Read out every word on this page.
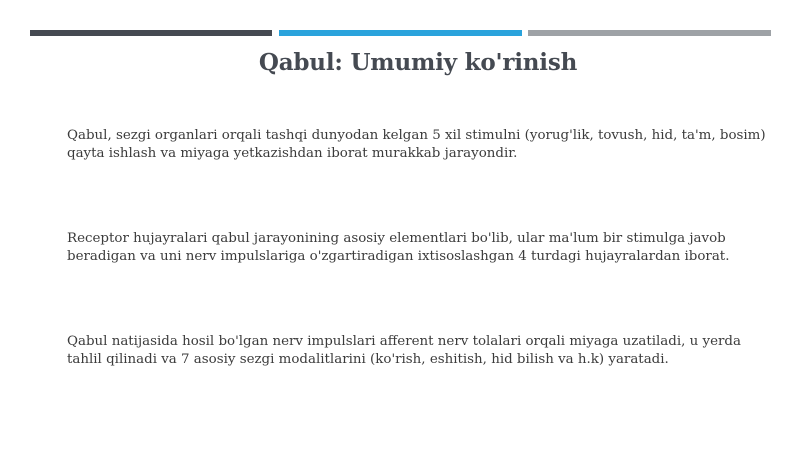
Qabul: Umumiy ko'rinish

Qabul, sezgi organlari orqali tashqi dunyodan kelgan 5 xil stimulni (yorug'lik, tovush, hid, ta'm, bosim) qayta ishlash va miyaga yetkazishdan iborat murakkab jarayondir.

Receptor hujayralari qabul jarayonining asosiy elementlari bo'lib, ular ma'lum bir stimulga javob beradigan va uni nerv impulslariga o'zgartiradigan ixtisoslashgan 4 turdagi hujayralardan iborat.

Qabul natijasida hosil bo'lgan nerv impulslari afferent nerv tolalari orqali miyaga uzatiladi, u yerda tahlil qilinadi va 7 asosiy sezgi modalitlarini (ko'rish, eshitish, hid bilish va h.k) yaratadi.
